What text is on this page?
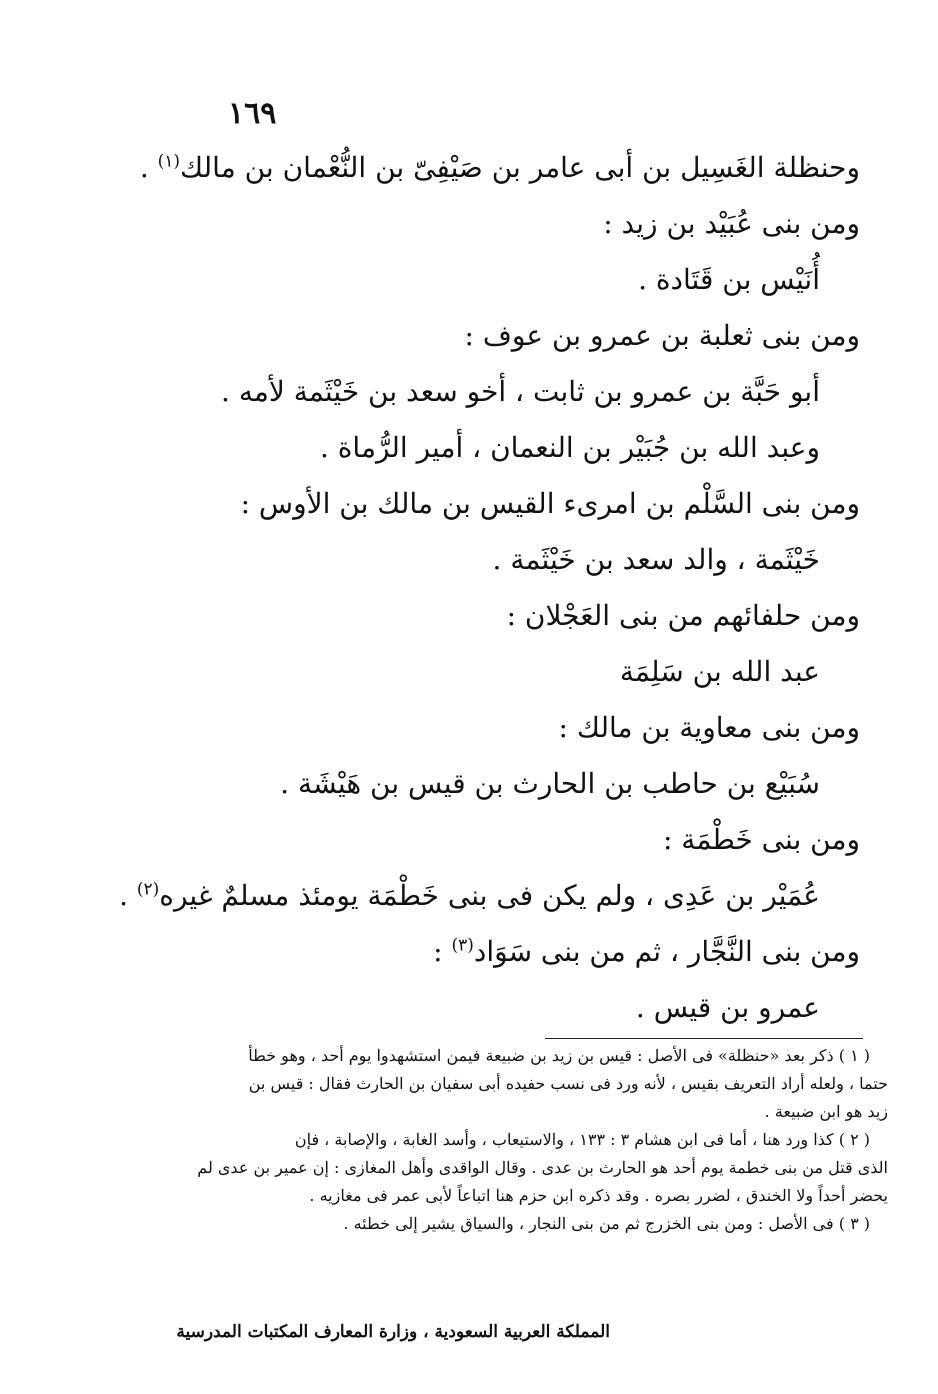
١٦٩
وحنظلة الغَسِيل بن أبى عامر بن صَيْفِىّ بن النُّعْمان بن مالك$^{(١)}$ .
ومن بنى عُبَيْد بن زيد :
أُنَيْس بن قَتَادة .
ومن بنى ثعلبة بن عمرو بن عوف :
أبو حَبَّة بن عمرو بن ثابت ، أخو سعد بن خَيْثَمة لأمه .
وعبد الله بن جُبَيْر بن النعمان ، أمير الرُّماة .
ومن بنى السَّلْم بن امرىء القيس بن مالك بن الأوس :
خَيْثَمة ، والد سعد بن خَيْثَمة .
ومن حلفائهم من بنى العَجْلان :
عبد الله بن سَلِمَة
ومن بنى معاوية بن مالك :
سُبَيْع بن حاطب بن الحارث بن قيس بن هَيْشَة .
ومن بنى خَطْمَة :
عُمَيْر بن عَدِى ، ولم يكن فى بنى خَطْمَة يومئذ مسلمٌ غيره$^{(٢)}$ .
ومن بنى النَّجَّار ، ثم من بنى سَوَاد$^{(٣)}$ :
عمرو بن قيس .
( ١ ) ذكر بعد «حنظلة» فى الأصل : قيس بن زيد بن ضبيعة فيمن استشهدوا يوم أحد ، وهو خطأ
حتما ، ولعله أراد التعريف بقيس ، لأنه ورد فى نسب حفيده أبى سفيان بن الحارث فقال : قيس بن
زيد هو ابن ضبيعة .
( ٢ ) كذا ورد هنا ، أما فى ابن هشام ٣ : ١٣٣ ، والاستيعاب ، وأسد الغابة ، والإصابة ، فإن
الذى قتل من بنى خطمة يوم أحد هو الحارث بن عدى . وقال الواقدى وأهل المغازى : إن عمير بن عدى لم
يحضر أحداً ولا الخندق ، لضرر بصره . وقد ذكره ابن حزم هنا اتباعاً لأبى عمر فى مغازيه .
( ٣ ) فى الأصل : ومن بنى الخزرج ثم من بنى النجار ، والسياق يشير إلى خطئه .
المملكة العربية السعودية ، وزارة المعارف المكتبات المدرسية
